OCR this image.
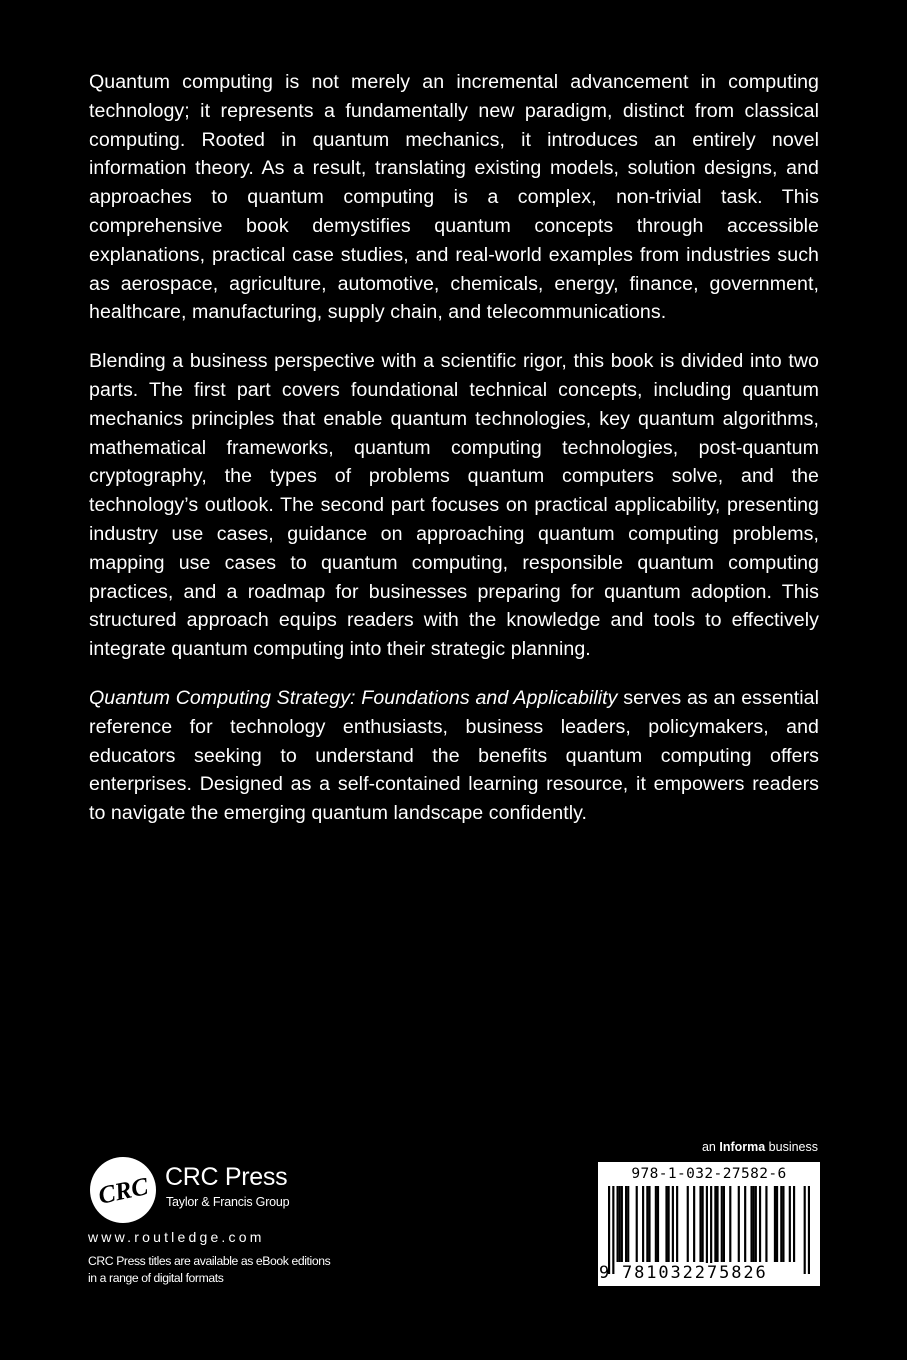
Quantum computing is not merely an incremental advancement in computing technology; it represents a fundamentally new paradigm, distinct from classical computing. Rooted in quantum mechanics, it introduces an entirely novel information theory. As a result, translating existing models, solution designs, and approaches to quantum computing is a complex, non-trivial task. This comprehensive book demystifies quantum concepts through accessible explanations, practical case studies, and real-world examples from industries such as aerospace, agriculture, automotive, chemicals, energy, finance, government, healthcare, manufacturing, supply chain, and telecommunications.

Blending a business perspective with a scientific rigor, this book is divided into two parts. The first part covers foundational technical concepts, including quantum mechanics principles that enable quantum technologies, key quantum algorithms, mathematical frameworks, quantum computing technologies, post-quantum cryptography, the types of problems quantum computers solve, and the technology’s outlook. The second part focuses on practical applicability, presenting industry use cases, guidance on approaching quantum computing problems, mapping use cases to quantum computing, responsible quantum computing practices, and a roadmap for businesses preparing for quantum adoption. This structured approach equips readers with the knowledge and tools to effectively integrate quantum computing into their strategic planning.

Quantum Computing Strategy: Foundations and Applicability serves as an essential reference for technology enthusiasts, business leaders, policymakers, and educators seeking to understand the benefits quantum computing offers enterprises. Designed as a self-contained learning resource, it empowers readers to navigate the emerging quantum landscape confidently.

CRC CRC Press
Taylor & Francis Group
www.routledge.com
CRC Press titles are available as eBook editions
in a range of digital formats
an Informa business
978-1-032-27582-6
9 781032275826
